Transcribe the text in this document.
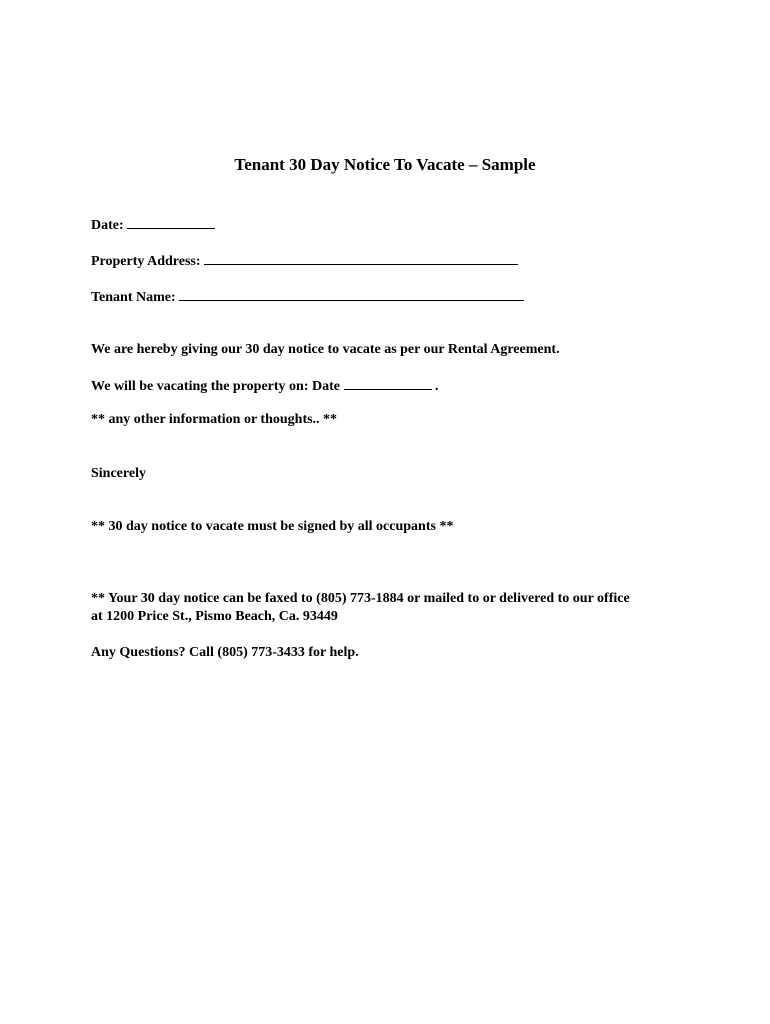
Tenant 30 Day Notice To Vacate – Sample

Date:

Property Address:

Tenant Name:

We are hereby giving our 30 day notice to vacate as per our Rental Agreement.

We will be vacating the property on: Date	.

** any other information or thoughts.. **

Sincerely

** 30 day notice to vacate must be signed by all occupants **

** Your 30 day notice can be faxed to (805) 773-1884 or mailed to or delivered to our office

at 1200 Price St., Pismo Beach, Ca. 93449

Any Questions? Call (805) 773-3433 for help.
